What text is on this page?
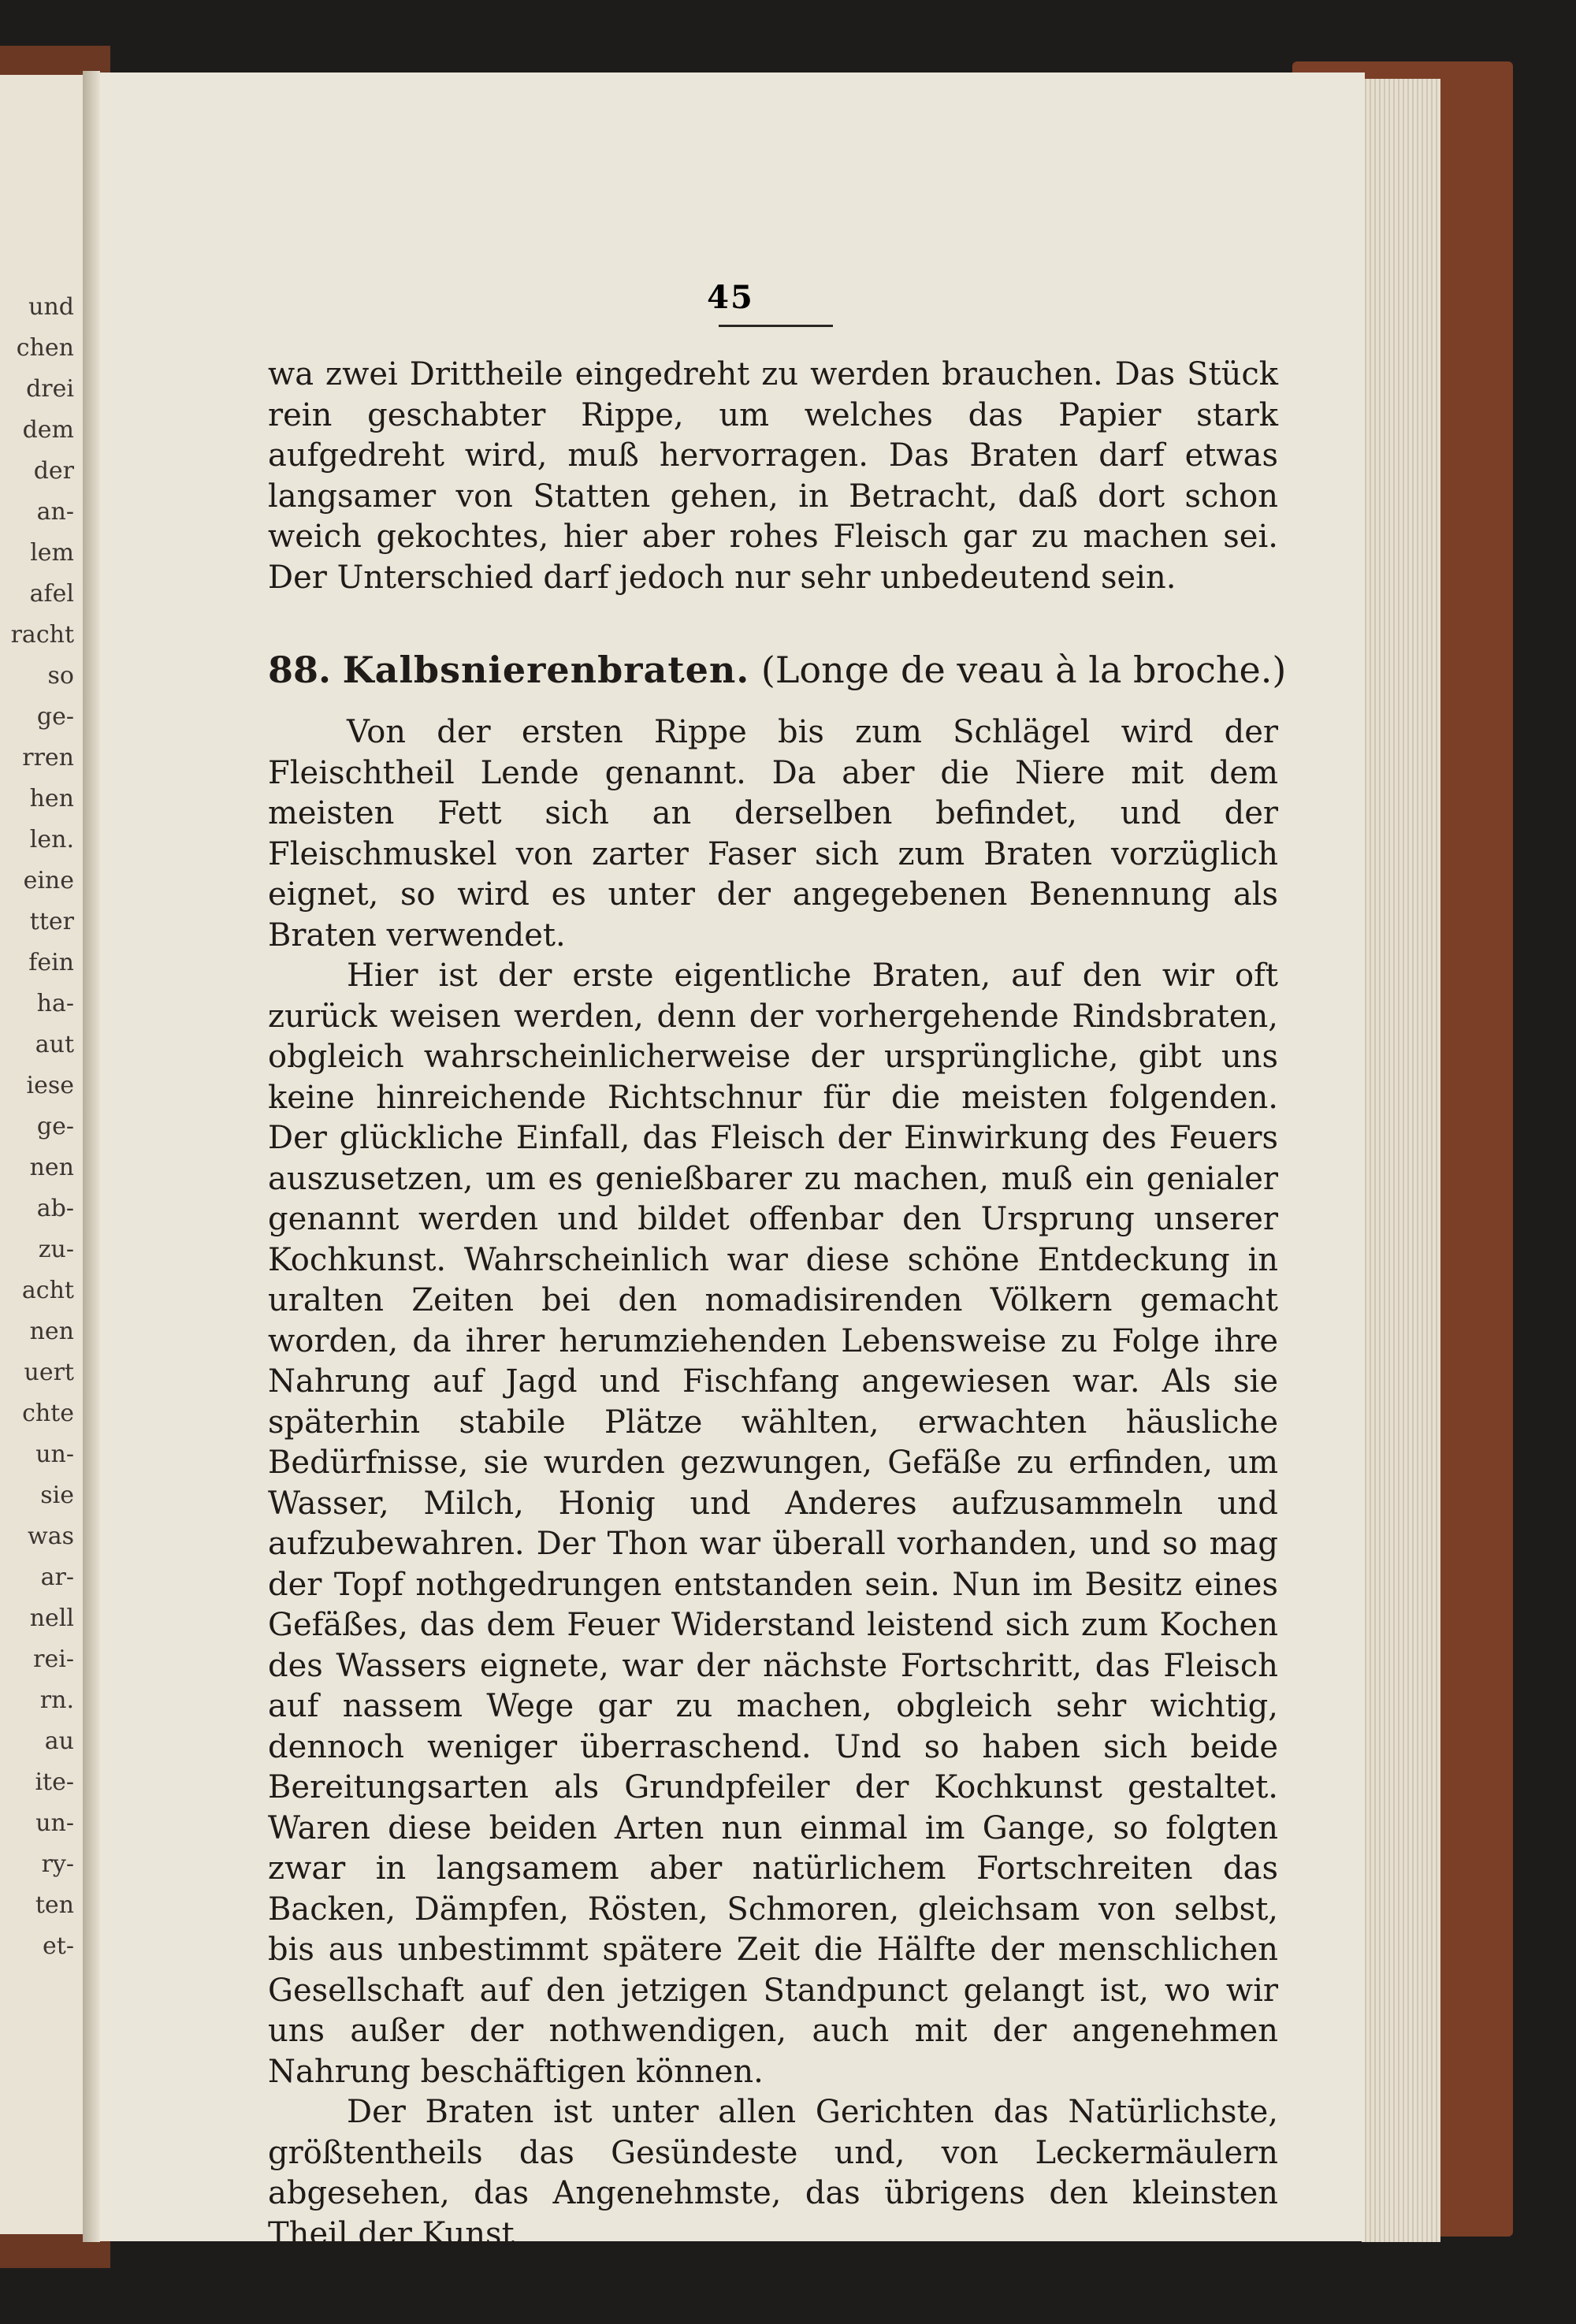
und
chen
drei
dem
der
an-
lem
afel
racht
so
ge-
rren
hen
len.
eine
tter
fein
ha-
aut
iese
ge-
nen
ab-
zu-
acht
nen
uert
chte
un-
sie
was
ar-
nell
rei-
rn.
au
ite-
un-
ry-
ten
et-
45

wa zwei Drittheile eingedreht zu werden brauchen. Das Stück rein geschabter Rippe, um welches das Papier stark aufgedreht wird, muß hervorragen. Das Braten darf etwas langsamer von Statten gehen, in Betracht, daß dort schon weich gekochtes, hier aber rohes Fleisch gar zu machen sei. Der Unterschied darf jedoch nur sehr unbedeutend sein.

88. Kalbsnierenbraten. (Longe de veau à la broche.)

Von der ersten Rippe bis zum Schlägel wird der Fleischtheil Lende genannt. Da aber die Niere mit dem meisten Fett sich an derselben befindet, und der Fleischmuskel von zarter Faser sich zum Braten vorzüglich eignet, so wird es unter der angegebenen Benennung als Braten verwendet.

Hier ist der erste eigentliche Braten, auf den wir oft zurück weisen werden, denn der vorhergehende Rindsbraten, obgleich wahrscheinlicherweise der ursprüngliche, gibt uns keine hinreichende Richtschnur für die meisten folgenden. Der glückliche Einfall, das Fleisch der Einwirkung des Feuers auszusetzen, um es genießbarer zu machen, muß ein genialer genannt werden und bildet offenbar den Ursprung unserer Kochkunst. Wahrscheinlich war diese schöne Entdeckung in uralten Zeiten bei den nomadisirenden Völkern gemacht worden, da ihrer herumziehenden Lebensweise zu Folge ihre Nahrung auf Jagd und Fischfang angewiesen war. Als sie späterhin stabile Plätze wählten, erwachten häusliche Bedürfnisse, sie wurden gezwungen, Gefäße zu erfinden, um Wasser, Milch, Honig und Anderes aufzusammeln und aufzubewahren. Der Thon war überall vorhanden, und so mag der Topf nothgedrungen entstanden sein. Nun im Besitz eines Gefäßes, das dem Feuer Widerstand leistend sich zum Kochen des Wassers eignete, war der nächste Fortschritt, das Fleisch auf nassem Wege gar zu machen, obgleich sehr wichtig, dennoch weniger überraschend. Und so haben sich beide Bereitungsarten als Grundpfeiler der Kochkunst gestaltet. Waren diese beiden Arten nun einmal im Gange, so folgten zwar in langsamem aber natürlichem Fortschreiten das Backen, Dämpfen, Rösten, Schmoren, gleichsam von selbst, bis aus unbestimmt spätere Zeit die Hälfte der menschlichen Gesellschaft auf den jetzigen Standpunct gelangt ist, wo wir uns außer der nothwendigen, auch mit der angenehmen Nahrung beschäftigen können.

Der Braten ist unter allen Gerichten das Natürlichste, größtentheils das Gesündeste und, von Leckermäulern abgesehen, das Angenehmste, das übrigens den kleinsten Theil der Kunst
